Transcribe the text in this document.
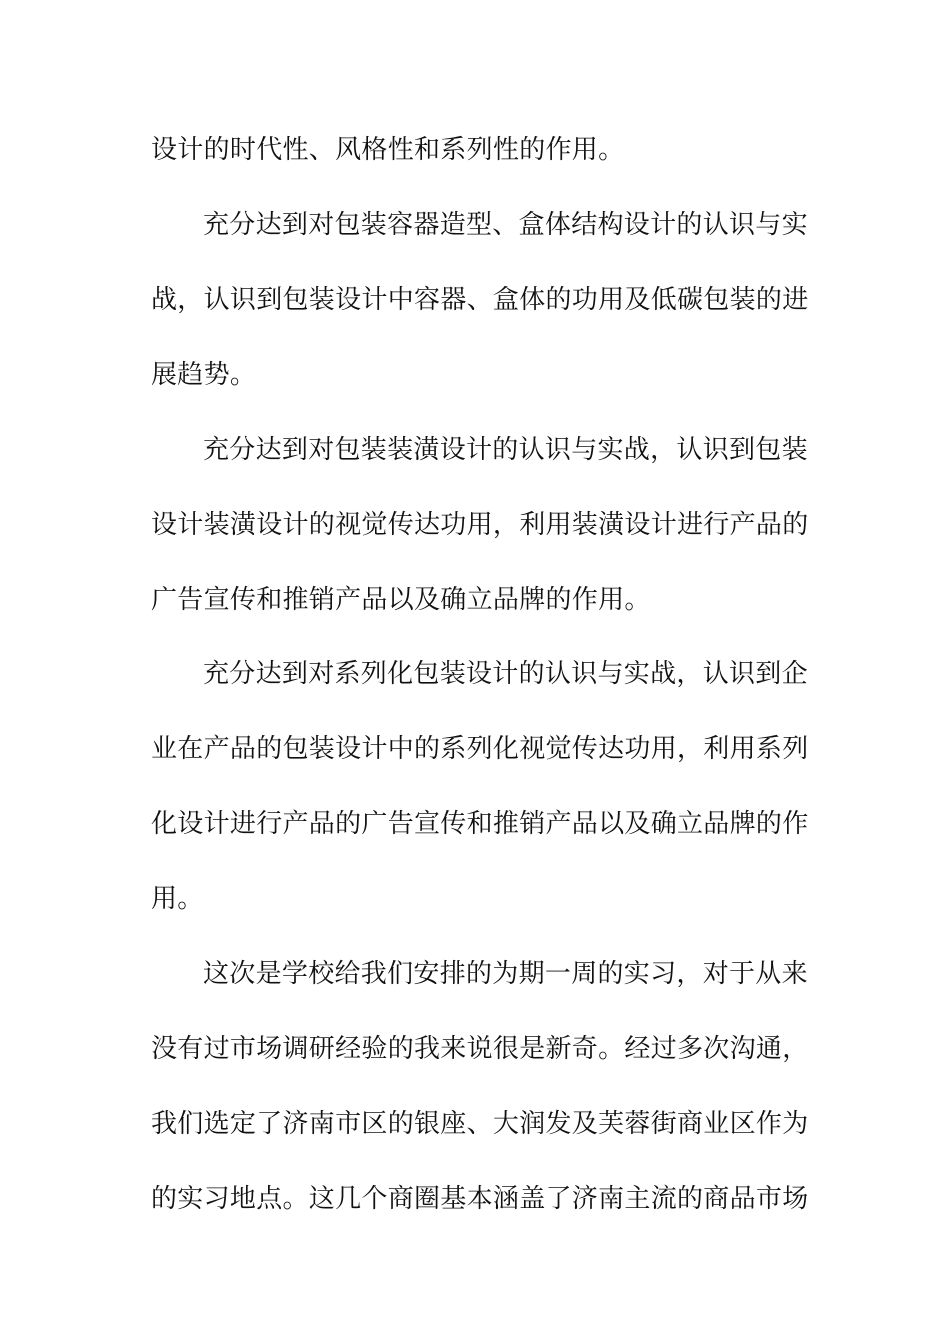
设计的时代性、风格性和系列性的作用。
充分达到对包装容器造型、盒体结构设计的认识与实
战，认识到包装设计中容器、盒体的功用及低碳包装的进
展趋势。
充分达到对包装装潢设计的认识与实战，认识到包装
设计装潢设计的视觉传达功用，利用装潢设计进行产品的
广告宣传和推销产品以及确立品牌的作用。
充分达到对系列化包装设计的认识与实战，认识到企
业在产品的包装设计中的系列化视觉传达功用，利用系列
化设计进行产品的广告宣传和推销产品以及确立品牌的作
用。
这次是学校给我们安排的为期一周的实习，对于从来
没有过市场调研经验的我来说很是新奇。经过多次沟通，
我们选定了济南市区的银座、大润发及芙蓉街商业区作为
的实习地点。这几个商圈基本涵盖了济南主流的商品市场
